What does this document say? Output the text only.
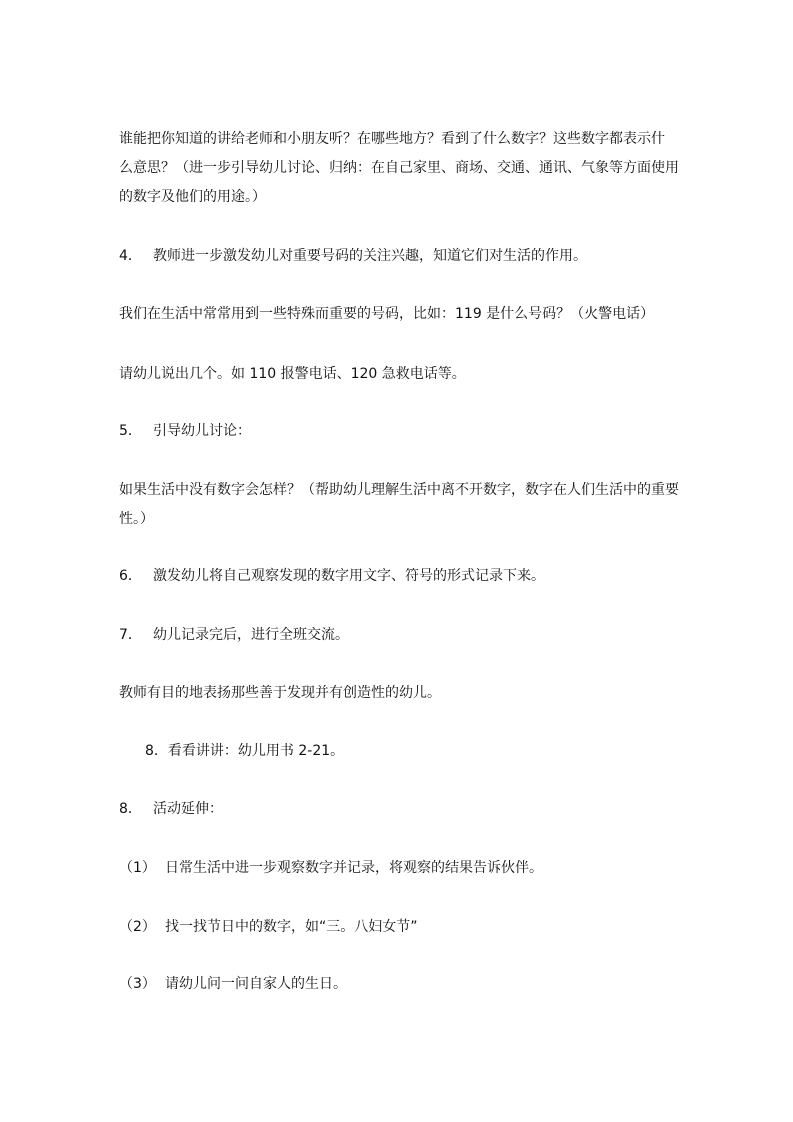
谁能把你知道的讲给老师和小朋友听？在哪些地方？看到了什么数字？这些数字都表示什
么意思？（进一步引导幼儿讨论、归纳：在自己家里、商场、交通、通讯、气象等方面使用
的数字及他们的用途。）
4． 教师进一步激发幼儿对重要号码的关注兴趣，知道它们对生活的作用。
我们在生活中常常用到一些特殊而重要的号码，比如：119 是什么号码？（火警电话）
请幼儿说出几个。如 110 报警电话、120 急救电话等。
5． 引导幼儿讨论：
如果生活中没有数字会怎样？（帮助幼儿理解生活中离不开数字，数字在人们生活中的重要
性。）
6． 激发幼儿将自己观察发现的数字用文字、符号的形式记录下来。
7． 幼儿记录完后，进行全班交流。
教师有目的地表扬那些善于发现并有创造性的幼儿。
8．看看讲讲：幼儿用书 2-21。
8． 活动延伸：
（1） 日常生活中进一步观察数字并记录，将观察的结果告诉伙伴。
（2） 找一找节日中的数字，如“三。八妇女节”
（3） 请幼儿问一问自家人的生日。
